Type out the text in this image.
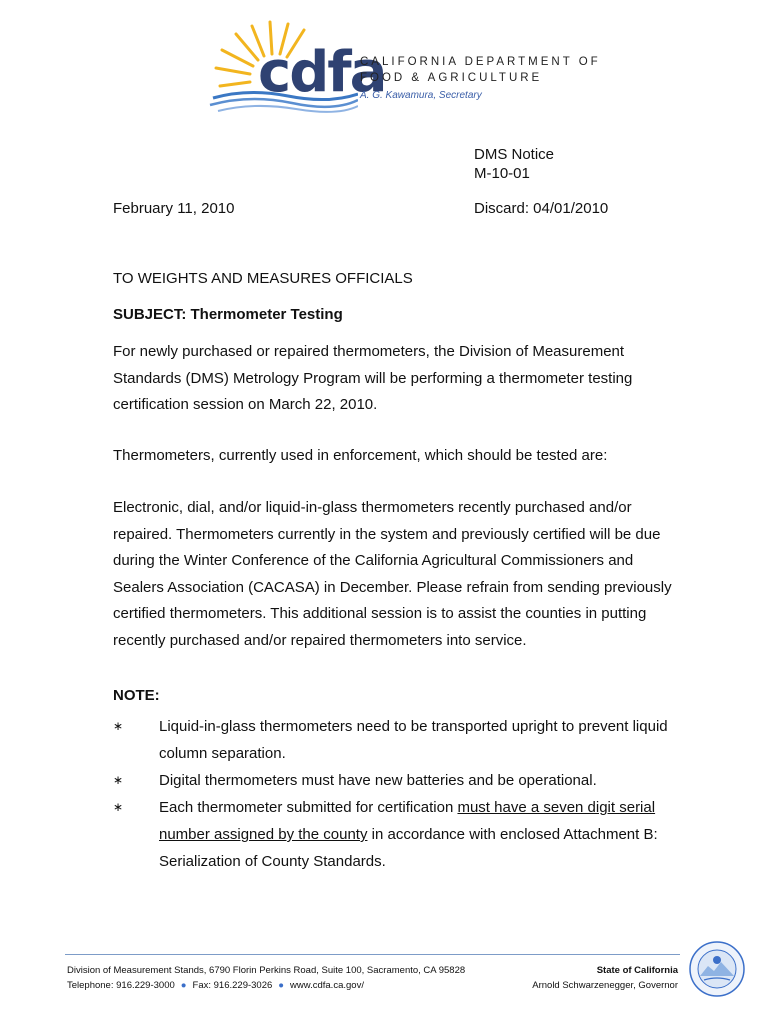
cdfa
CALIFORNIA DEPARTMENT OF
FOOD & AGRICULTURE
A. G. Kawamura, Secretary
DMS Notice
M-10-01
February 11, 2010	Discard: 04/01/2010
TO WEIGHTS AND MEASURES OFFICIALS
SUBJECT: Thermometer Testing

For newly purchased or repaired thermometers, the Division of Measurement Standards (DMS) Metrology Program will be performing a thermometer testing certification session on March 22, 2010.

Thermometers, currently used in enforcement, which should be tested are:

Electronic, dial, and/or liquid-in-glass thermometers recently purchased and/or repaired. Thermometers currently in the system and previously certified will be due during the Winter Conference of the California Agricultural Commissioners and Sealers Association (CACASA) in December. Please refrain from sending previously certified thermometers. This additional session is to assist the counties in putting recently purchased and/or repaired thermometers into service.

NOTE:
∗ Liquid-in-glass thermometers need to be transported upright to prevent liquid column separation.
∗ Digital thermometers must have new batteries and be operational.
∗ Each thermometer submitted for certification must have a seven digit serial number assigned by the county in accordance with enclosed Attachment B: Serialization of County Standards.
Division of Measurement Stands, 6790 Florin Perkins Road, Suite 100, Sacramento, CA 95828
Telephone: 916.229-3000 ● Fax: 916.229-3026 ● www.cdfa.ca.gov/
State of California
Arnold Schwarzenegger, Governor
